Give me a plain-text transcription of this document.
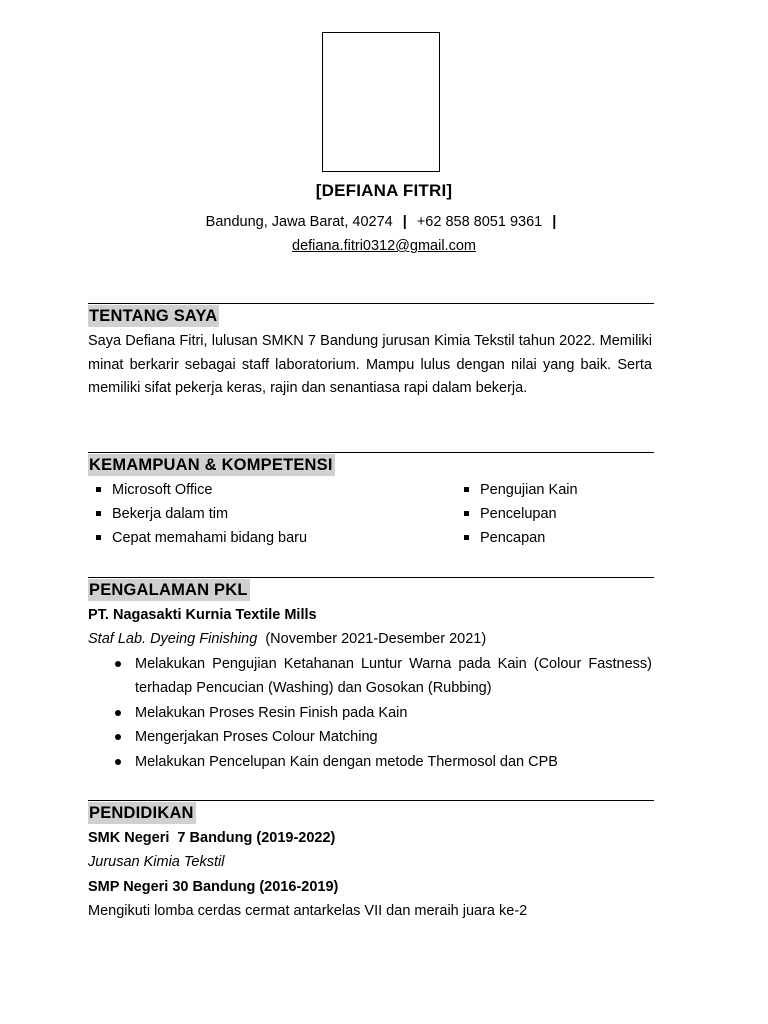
[DEFIANA FITRI]
Bandung, Jawa Barat, 40274 | +62 858 8051 9361 |
defiana.fitri0312@gmail.com
TENTANG SAYA
Saya Defiana Fitri, lulusan SMKN 7 Bandung jurusan Kimia Tekstil tahun 2022. Memiliki minat berkarir sebagai staff laboratorium. Mampu lulus dengan nilai yang baik. Serta memiliki sifat pekerja keras, rajin dan senantiasa rapi dalam bekerja.
KEMAMPUAN & KOMPETENSI
Microsoft Office
Bekerja dalam tim
Cepat memahami bidang baru
Pengujian Kain
Pencelupan
Pencapan
PENGALAMAN PKL
PT. Nagasakti Kurnia Textile Mills
Staf Lab. Dyeing Finishing (November 2021-Desember 2021)
Melakukan Pengujian Ketahanan Luntur Warna pada Kain (Colour Fastness) terhadap Pencucian (Washing) dan Gosokan (Rubbing)
Melakukan Proses Resin Finish pada Kain
Mengerjakan Proses Colour Matching
Melakukan Pencelupan Kain dengan metode Thermosol dan CPB
PENDIDIKAN
SMK Negeri  7 Bandung (2019-2022)
Jurusan Kimia Tekstil
SMP Negeri 30 Bandung (2016-2019)
Mengikuti lomba cerdas cermat antarkelas VII dan meraih juara ke-2
